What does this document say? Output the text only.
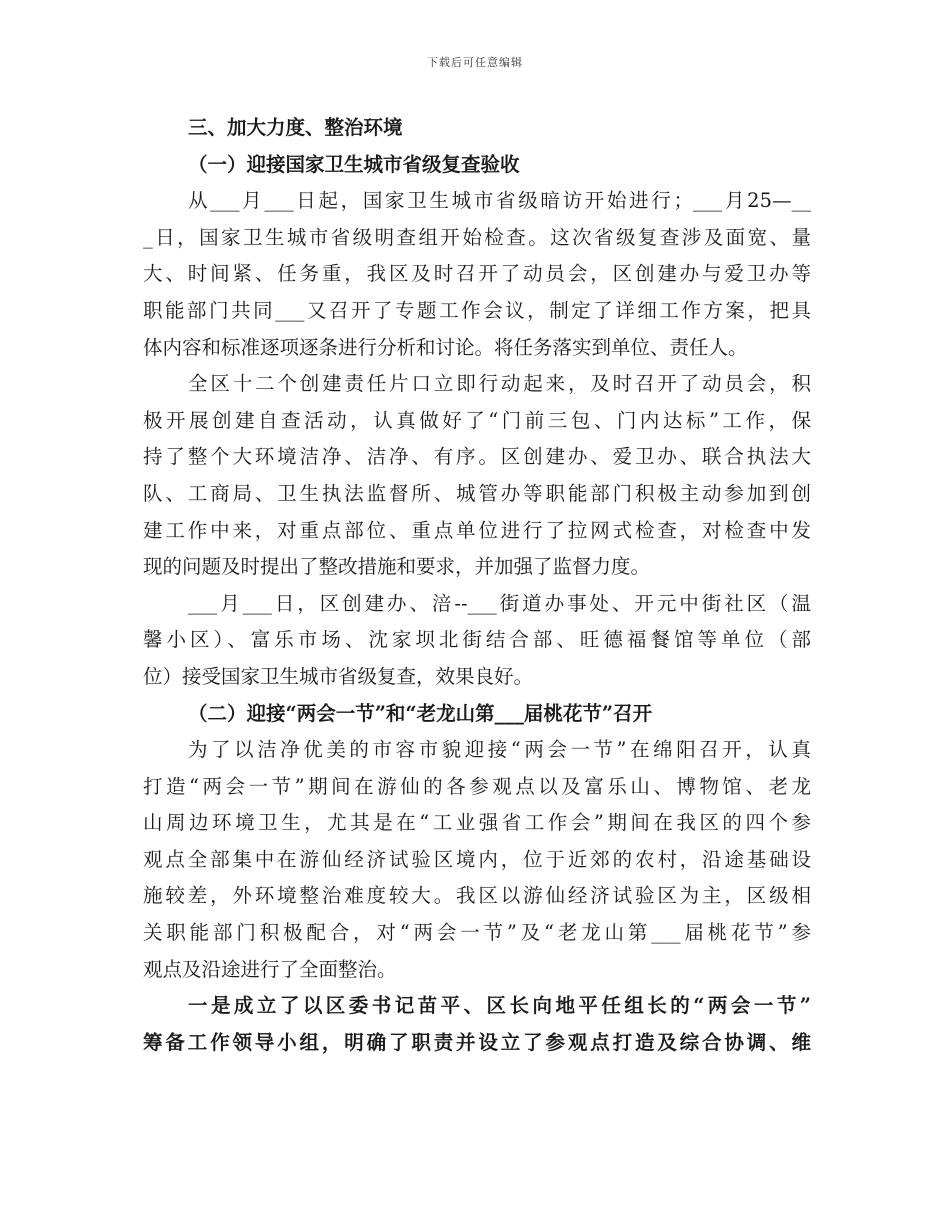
下载后可任意编辑
三、加大力度、整治环境
（一）迎接国家卫生城市省级复查验收
从___月___日起，国家卫生城市省级暗访开始进行；___月25—__
_日，国家卫生城市省级明查组开始检查。这次省级复查涉及面宽、量
大、时间紧、任务重，我区及时召开了动员会，区创建办与爱卫办等
职能部门共同___又召开了专题工作会议，制定了详细工作方案，把具
体内容和标准逐项逐条进行分析和讨论。将任务落实到单位、责任人。
全区十二个创建责任片口立即行动起来，及时召开了动员会，积
极开展创建自查活动，认真做好了“门前三包、门内达标”工作，保
持了整个大环境洁净、洁净、有序。区创建办、爱卫办、联合执法大
队、工商局、卫生执法监督所、城管办等职能部门积极主动参加到创
建工作中来，对重点部位、重点单位进行了拉网式检查，对检查中发
现的问题及时提出了整改措施和要求，并加强了监督力度。
___月___日，区创建办、涪--___街道办事处、开元中街社区（温
馨小区）、富乐市场、沈家坝北街结合部、旺德福餐馆等单位（部
位）接受国家卫生城市省级复查，效果良好。
（二）迎接“两会一节”和“老龙山第___届桃花节”召开
为了以洁净优美的市容市貌迎接“两会一节”在绵阳召开，认真
打造“两会一节”期间在游仙的各参观点以及富乐山、博物馆、老龙
山周边环境卫生，尤其是在“工业强省工作会”期间在我区的四个参
观点全部集中在游仙经济试验区境内，位于近郊的农村，沿途基础设
施较差，外环境整治难度较大。我区以游仙经济试验区为主，区级相
关职能部门积极配合，对“两会一节”及“老龙山第___届桃花节”参
观点及沿途进行了全面整治。
一是成立了以区委书记苗平、区长向地平任组长的“两会一节”
筹备工作领导小组，明确了职责并设立了参观点打造及综合协调、维
